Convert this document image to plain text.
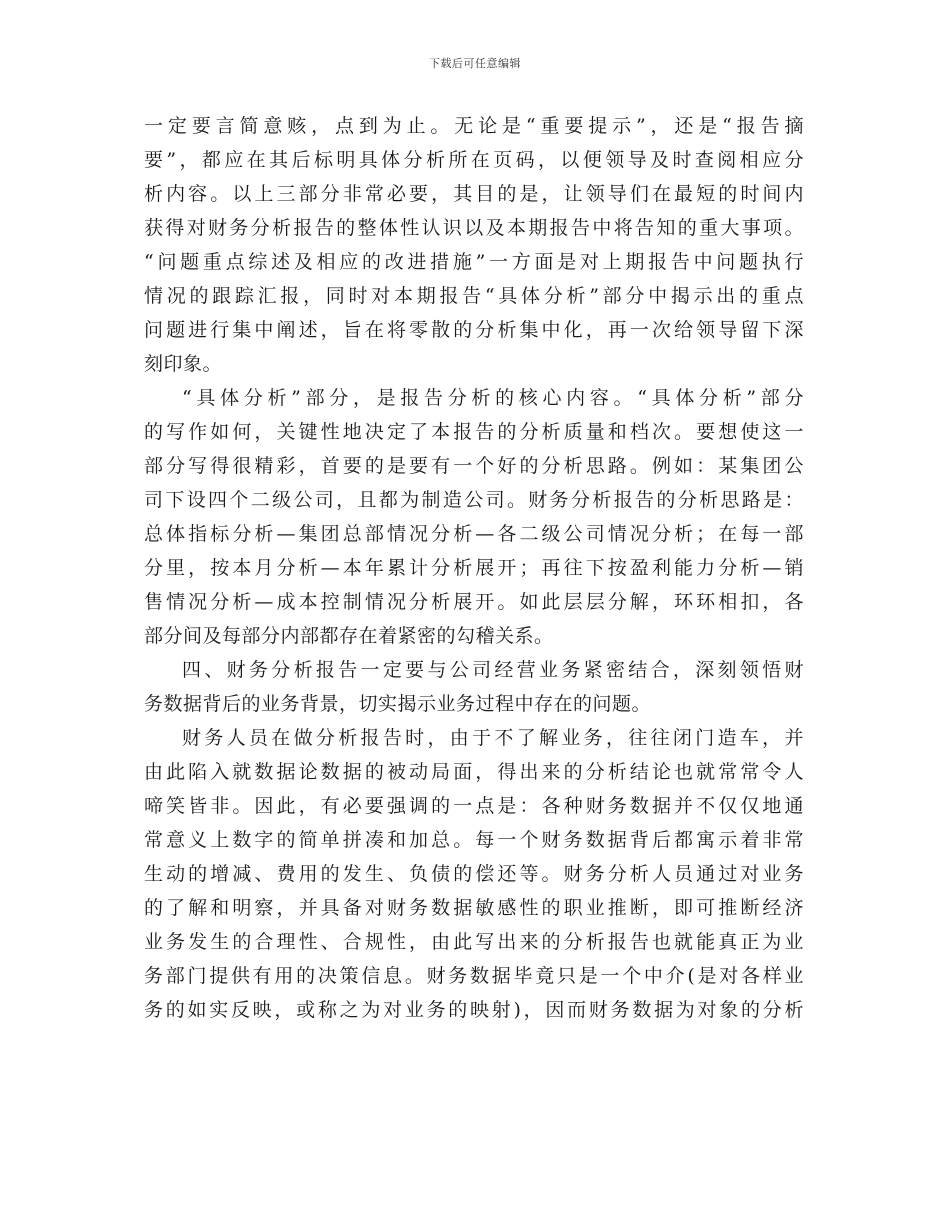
下载后可任意编辑
一定要言简意赅，点到为止。无论是“重要提示”，还是“报告摘
要”，都应在其后标明具体分析所在页码，以便领导及时查阅相应分
析内容。以上三部分非常必要，其目的是，让领导们在最短的时间内
获得对财务分析报告的整体性认识以及本期报告中将告知的重大事项。
“问题重点综述及相应的改进措施”一方面是对上期报告中问题执行
情况的跟踪汇报，同时对本期报告“具体分析”部分中揭示出的重点
问题进行集中阐述，旨在将零散的分析集中化，再一次给领导留下深
刻印象。
“具体分析”部分，是报告分析的核心内容。“具体分析”部分
的写作如何，关键性地决定了本报告的分析质量和档次。要想使这一
部分写得很精彩，首要的是要有一个好的分析思路。例如：某集团公
司下设四个二级公司，且都为制造公司。财务分析报告的分析思路是：
总体指标分析—集团总部情况分析—各二级公司情况分析；在每一部
分里，按本月分析—本年累计分析展开；再往下按盈利能力分析—销
售情况分析—成本控制情况分析展开。如此层层分解，环环相扣，各
部分间及每部分内部都存在着紧密的勾稽关系。
四、财务分析报告一定要与公司经营业务紧密结合，深刻领悟财
务数据背后的业务背景，切实揭示业务过程中存在的问题。
财务人员在做分析报告时，由于不了解业务，往往闭门造车，并
由此陷入就数据论数据的被动局面，得出来的分析结论也就常常令人
啼笑皆非。因此，有必要强调的一点是：各种财务数据并不仅仅地通
常意义上数字的简单拼凑和加总。每一个财务数据背后都寓示着非常
生动的增减、费用的发生、负债的偿还等。财务分析人员通过对业务
的了解和明察，并具备对财务数据敏感性的职业推断，即可推断经济
业务发生的合理性、合规性，由此写出来的分析报告也就能真正为业
务部门提供有用的决策信息。财务数据毕竟只是一个中介(是对各样业
务的如实反映，或称之为对业务的映射)，因而财务数据为对象的分析
